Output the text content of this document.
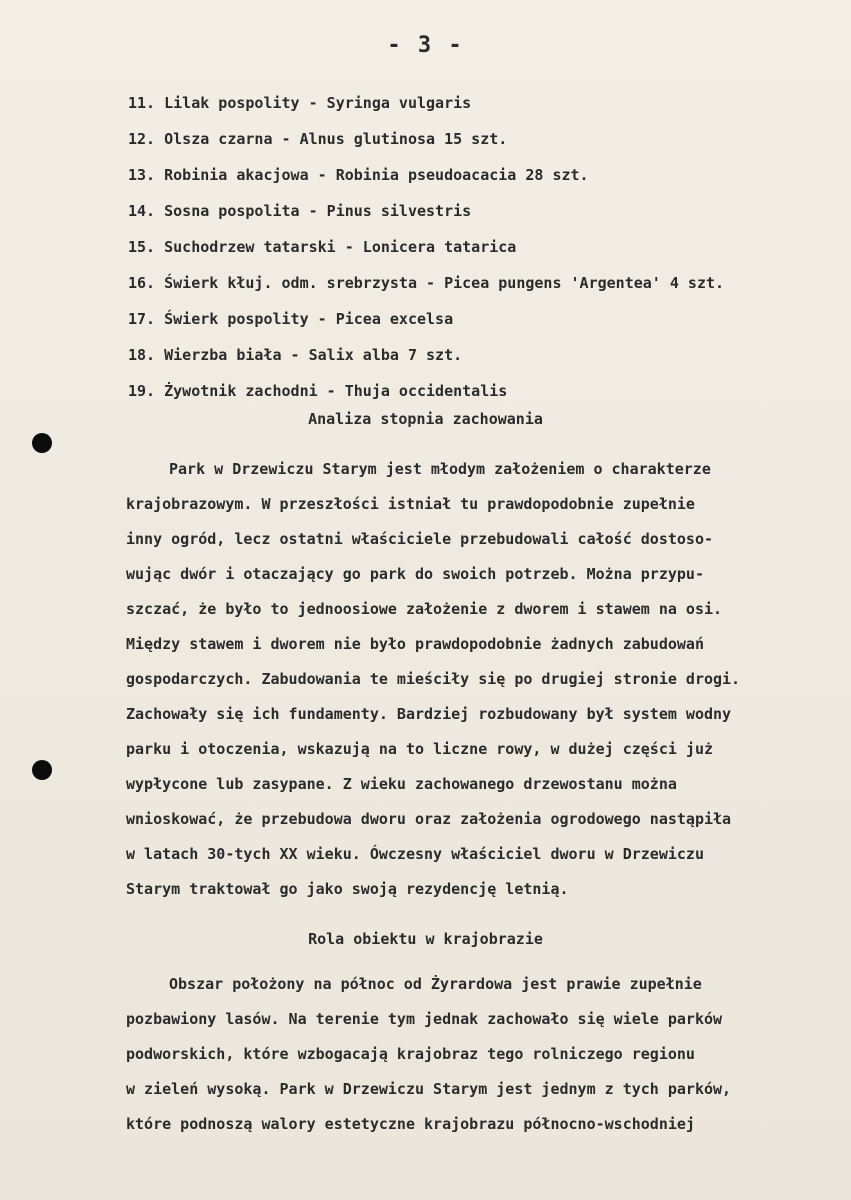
- 3 -
11. Lilak pospolity - Syringa vulgaris
12. Olsza czarna - Alnus glutinosa 15 szt.
13. Robinia akacjowa - Robinia pseudoacacia 28 szt.
14. Sosna pospolita - Pinus silvestris
15. Suchodrzew tatarski - Lonicera tatarica
16. Świerk kłuj. odm. srebrzysta - Picea pungens 'Argentea' 4 szt.
17. Świerk pospolity - Picea excelsa
18. Wierzba biała - Salix alba 7 szt.
19. Żywotnik zachodni - Thuja occidentalis
Analiza stopnia zachowania
Park w Drzewiczu Starym jest młodym założeniem o charakterze
krajobrazowym. W przeszłości istniał tu prawdopodobnie zupełnie
inny ogród, lecz ostatni właściciele przebudowali całość dostoso-
wując dwór i otaczający go park do swoich potrzeb. Można przypu-
szczać, że było to jednoosiowe założenie z dworem i stawem na osi.
Między stawem i dworem nie było prawdopodobnie żadnych zabudowań
gospodarczych. Zabudowania te mieściły się po drugiej stronie drogi.
Zachowały się ich fundamenty. Bardziej rozbudowany był system wodny
parku i otoczenia, wskazują na to liczne rowy, w dużej części już
wypłycone lub zasypane. Z wieku zachowanego drzewostanu można
wnioskować, że przebudowa dworu oraz założenia ogrodowego nastąpiła
w latach 30-tych XX wieku. Ówczesny właściciel dworu w Drzewiczu
Starym traktował go jako swoją rezydencję letnią.
Rola obiektu w krajobrazie
Obszar położony na północ od Żyrardowa jest prawie zupełnie
pozbawiony lasów. Na terenie tym jednak zachowało się wiele parków
podworskich, które wzbogacają krajobraz tego rolniczego regionu
w zieleń wysoką. Park w Drzewiczu Starym jest jednym z tych parków,
które podnoszą walory estetyczne krajobrazu północno-wschodniej
